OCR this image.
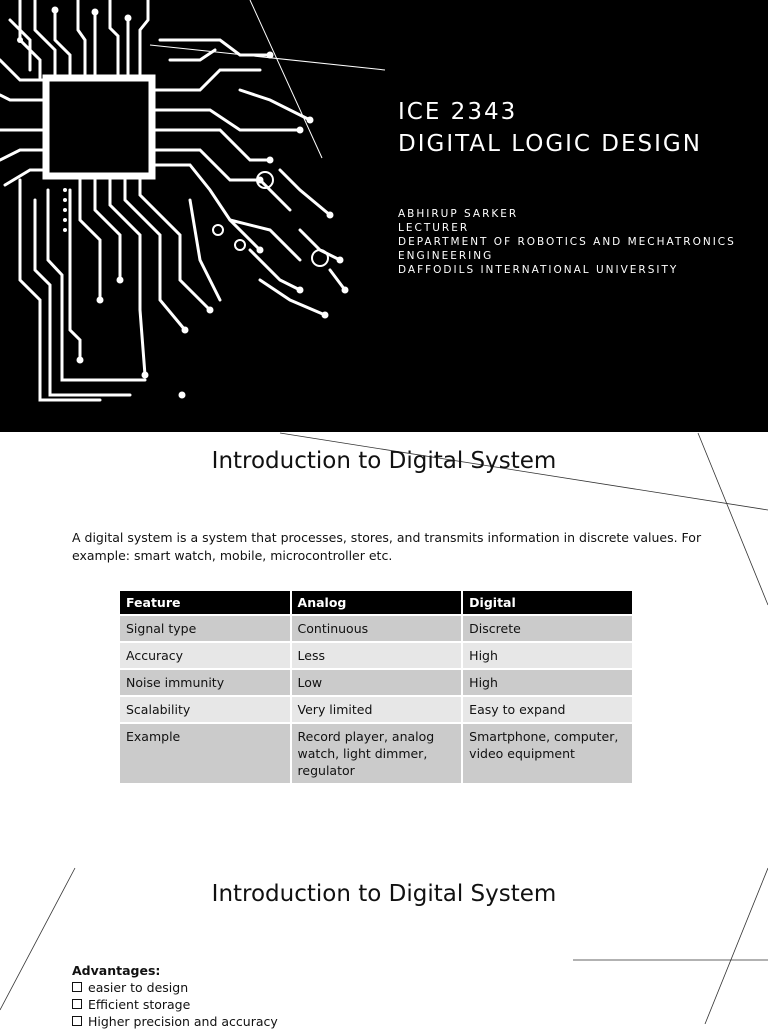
ICE 2343
DIGITAL LOGIC DESIGN
ABHIRUP SARKER
LECTURER
DEPARTMENT OF ROBOTICS AND MECHATRONICS
ENGINEERING
DAFFODILS INTERNATIONAL UNIVERSITY
Introduction to Digital System
A digital system is a system that processes, stores, and transmits information in discrete values. For example: smart watch, mobile, microcontroller etc.
Feature	Analog	Digital
Signal type	Continuous	Discrete
Accuracy	Less	High
Noise immunity	Low	High
Scalability	Very limited	Easy to expand
Example	Record player, analog watch, light dimmer, regulator	Smartphone, computer, video equipment
Introduction to Digital System
Advantages:
easier to design
Efficient storage
Higher precision and accuracy
